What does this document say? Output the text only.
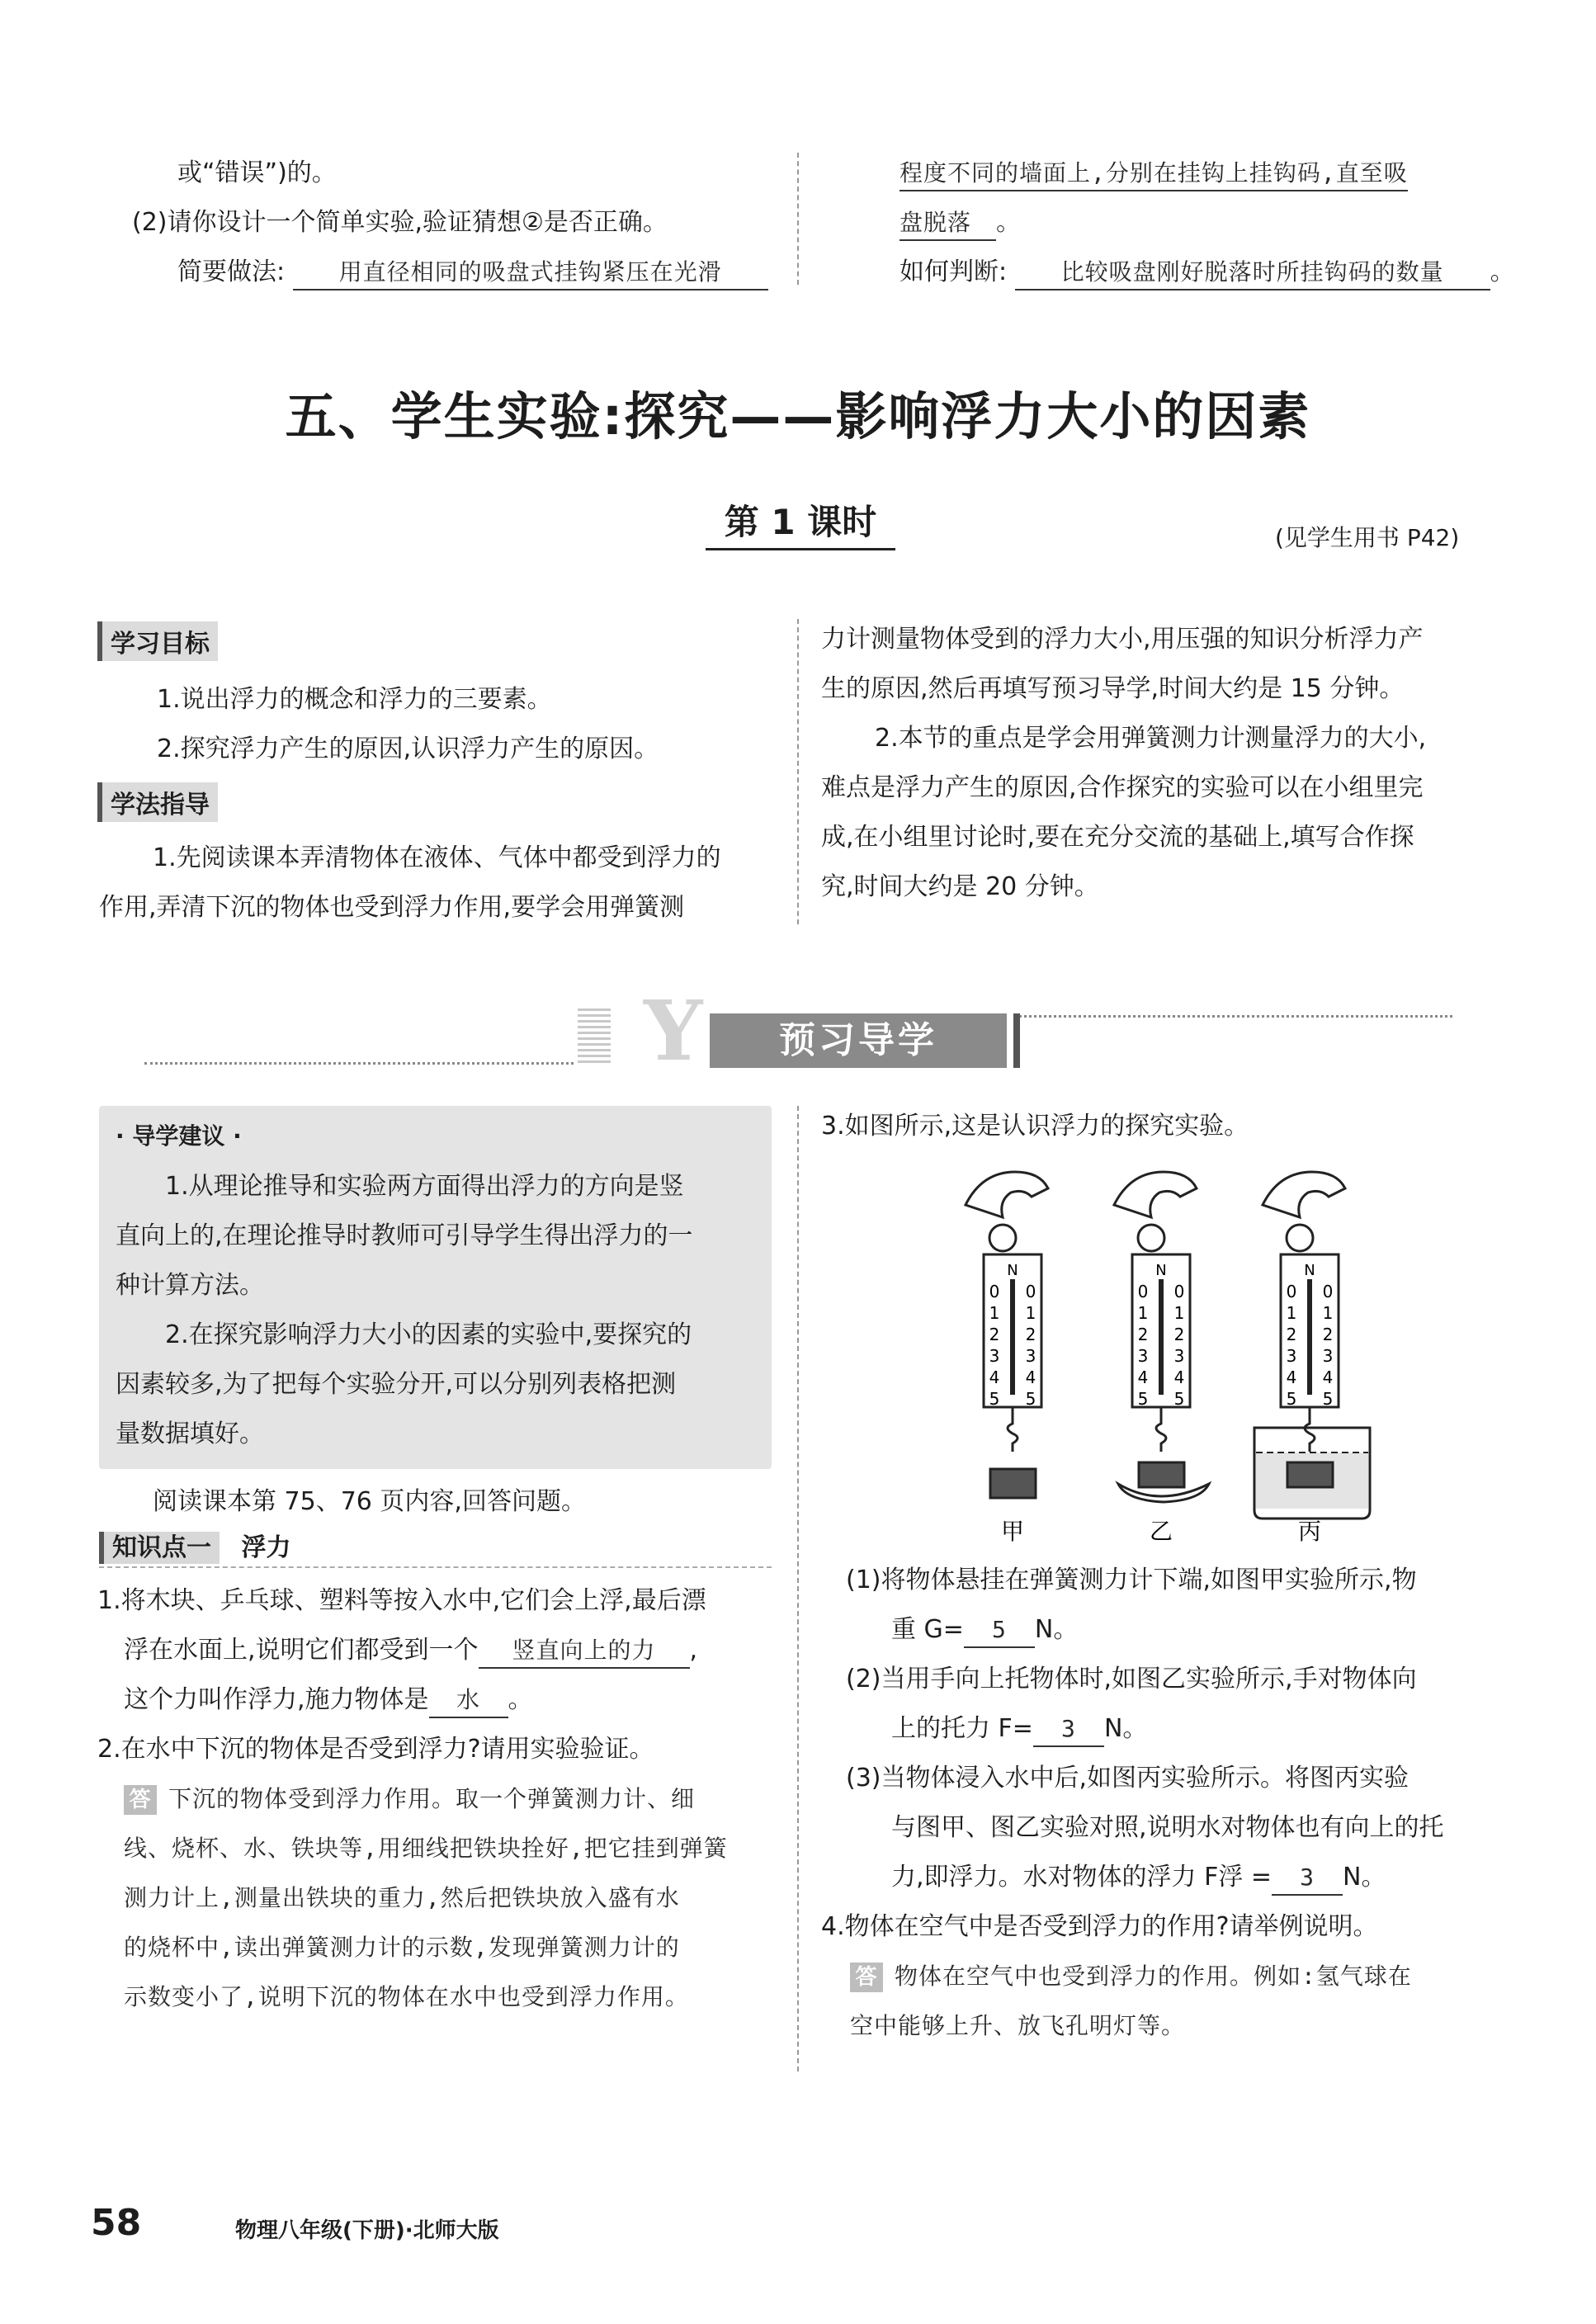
或“错误”)的。
(2)请你设计一个简单实验,验证猜想②是否正确。
简要做法: 用直径相同的吸盘式挂钩紧压在光滑
程度不同的墙面上,分别在挂钩上挂钩码,直至吸
盘脱落 。
如何判断: 比较吸盘刚好脱落时所挂钩码的数量 。
五、学生实验:探究——影响浮力大小的因素
第 1 课时	(见学生用书 P42)
学习目标
1.说出浮力的概念和浮力的三要素。
2.探究浮力产生的原因,认识浮力产生的原因。
学法指导
1.先阅读课本弄清物体在液体、气体中都受到浮力的
作用,弄清下沉的物体也受到浮力作用,要学会用弹簧测
力计测量物体受到的浮力大小,用压强的知识分析浮力产
生的原因,然后再填写预习导学,时间大约是 15 分钟。
2.本节的重点是学会用弹簧测力计测量浮力的大小,
难点是浮力产生的原因,合作探究的实验可以在小组里完
成,在小组里讨论时,要在充分交流的基础上,填写合作探
究,时间大约是 20 分钟。
Y	预习导学
· 导学建议 ·
1.从理论推导和实验两方面得出浮力的方向是竖
直向上的,在理论推导时教师可引导学生得出浮力的一
种计算方法。
2.在探究影响浮力大小的因素的实验中,要探究的
因素较多,为了把每个实验分开,可以分别列表格把测
量数据填好。
阅读课本第 75、76 页内容,回答问题。
知识点一 浮力
1.将木块、乒乓球、塑料等按入水中,它们会上浮,最后漂
浮在水面上,说明它们都受到一个 竖直向上的力 ,
这个力叫作浮力,施力物体是 水 。
2.在水中下沉的物体是否受到浮力?请用实验验证。
答 下沉的物体受到浮力作用。取一个弹簧测力计、细
线、烧杯、水、铁块等,用细线把铁块拴好,把它挂到弹簧
测力计上,测量出铁块的重力,然后把铁块放入盛有水
的烧杯中,读出弹簧测力计的示数,发现弹簧测力计的
示数变小了,说明下沉的物体在水中也受到浮力作用。
3.如图所示,这是认识浮力的探究实验。
N	N	N
0
1
2
3
4
5
0
1
2
3
4
5
0
1
2
3
4
5
0
1
2
3
4
5
0
1
2
3
4
5
0
1
2
3
4
5
甲	乙	丙
(1)将物体悬挂在弹簧测力计下端,如图甲实验所示,物
重 G= 5 N。
(2)当用手向上托物体时,如图乙实验所示,手对物体向
上的托力 F= 3 N。
(3)当物体浸入水中后,如图丙实验所示。将图丙实验
与图甲、图乙实验对照,说明水对物体也有向上的托
力,即浮力。水对物体的浮力 F浮 = 3 N。
4.物体在空气中是否受到浮力的作用?请举例说明。
答 物体在空气中也受到浮力的作用。例如:氢气球在
空中能够上升、放飞孔明灯等。
58	物理八年级(下册)·北师大版
